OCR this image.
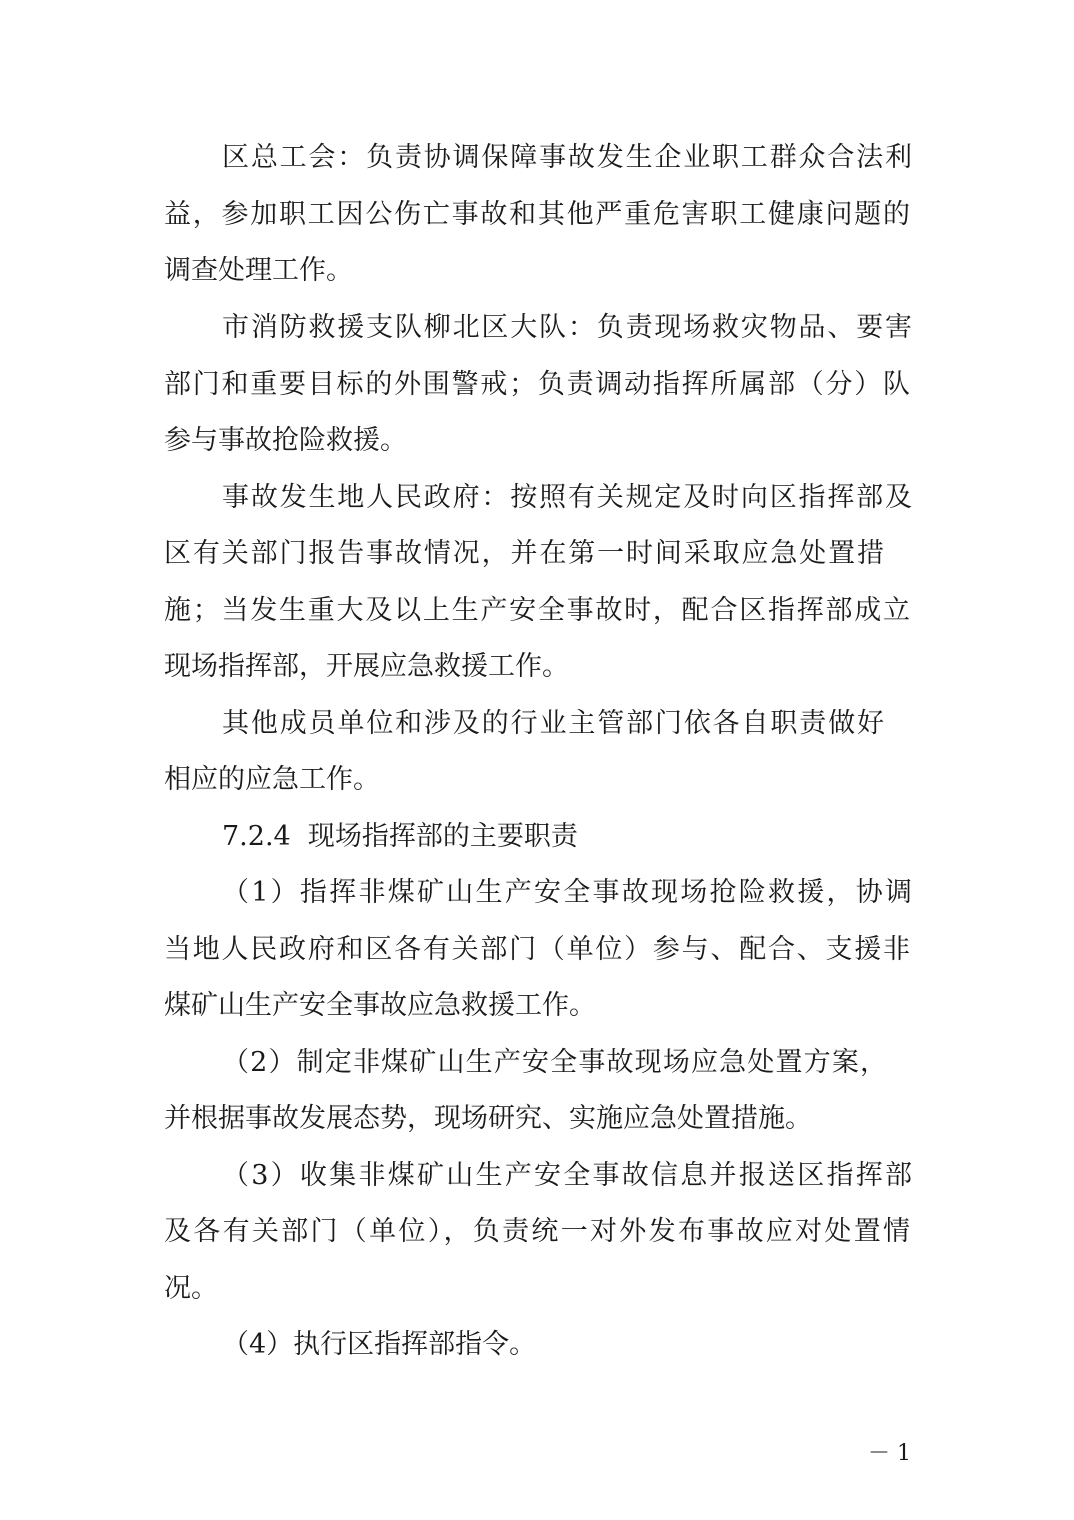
区总工会：负责协调保障事故发生企业职工群众合法利
益，参加职工因公伤亡事故和其他严重危害职工健康问题的
调查处理工作。
市消防救援支队柳北区大队：负责现场救灾物品、要害
部门和重要目标的外围警戒；负责调动指挥所属部（分）队
参与事故抢险救援。
事故发生地人民政府：按照有关规定及时向区指挥部及
区有关部门报告事故情况，并在第一时间采取应急处置措
施；当发生重大及以上生产安全事故时，配合区指挥部成立
现场指挥部，开展应急救援工作。
其他成员单位和涉及的行业主管部门依各自职责做好
相应的应急工作。
7.2.4  现场指挥部的主要职责
（1）指挥非煤矿山生产安全事故现场抢险救援，协调
当地人民政府和区各有关部门（单位）参与、配合、支援非
煤矿山生产安全事故应急救援工作。
（2）制定非煤矿山生产安全事故现场应急处置方案，
并根据事故发展态势，现场研究、实施应急处置措施。
（3）收集非煤矿山生产安全事故信息并报送区指挥部
及各有关部门（单位），负责统一对外发布事故应对处置情
况。
（4）执行区指挥部指令。
－ 1
